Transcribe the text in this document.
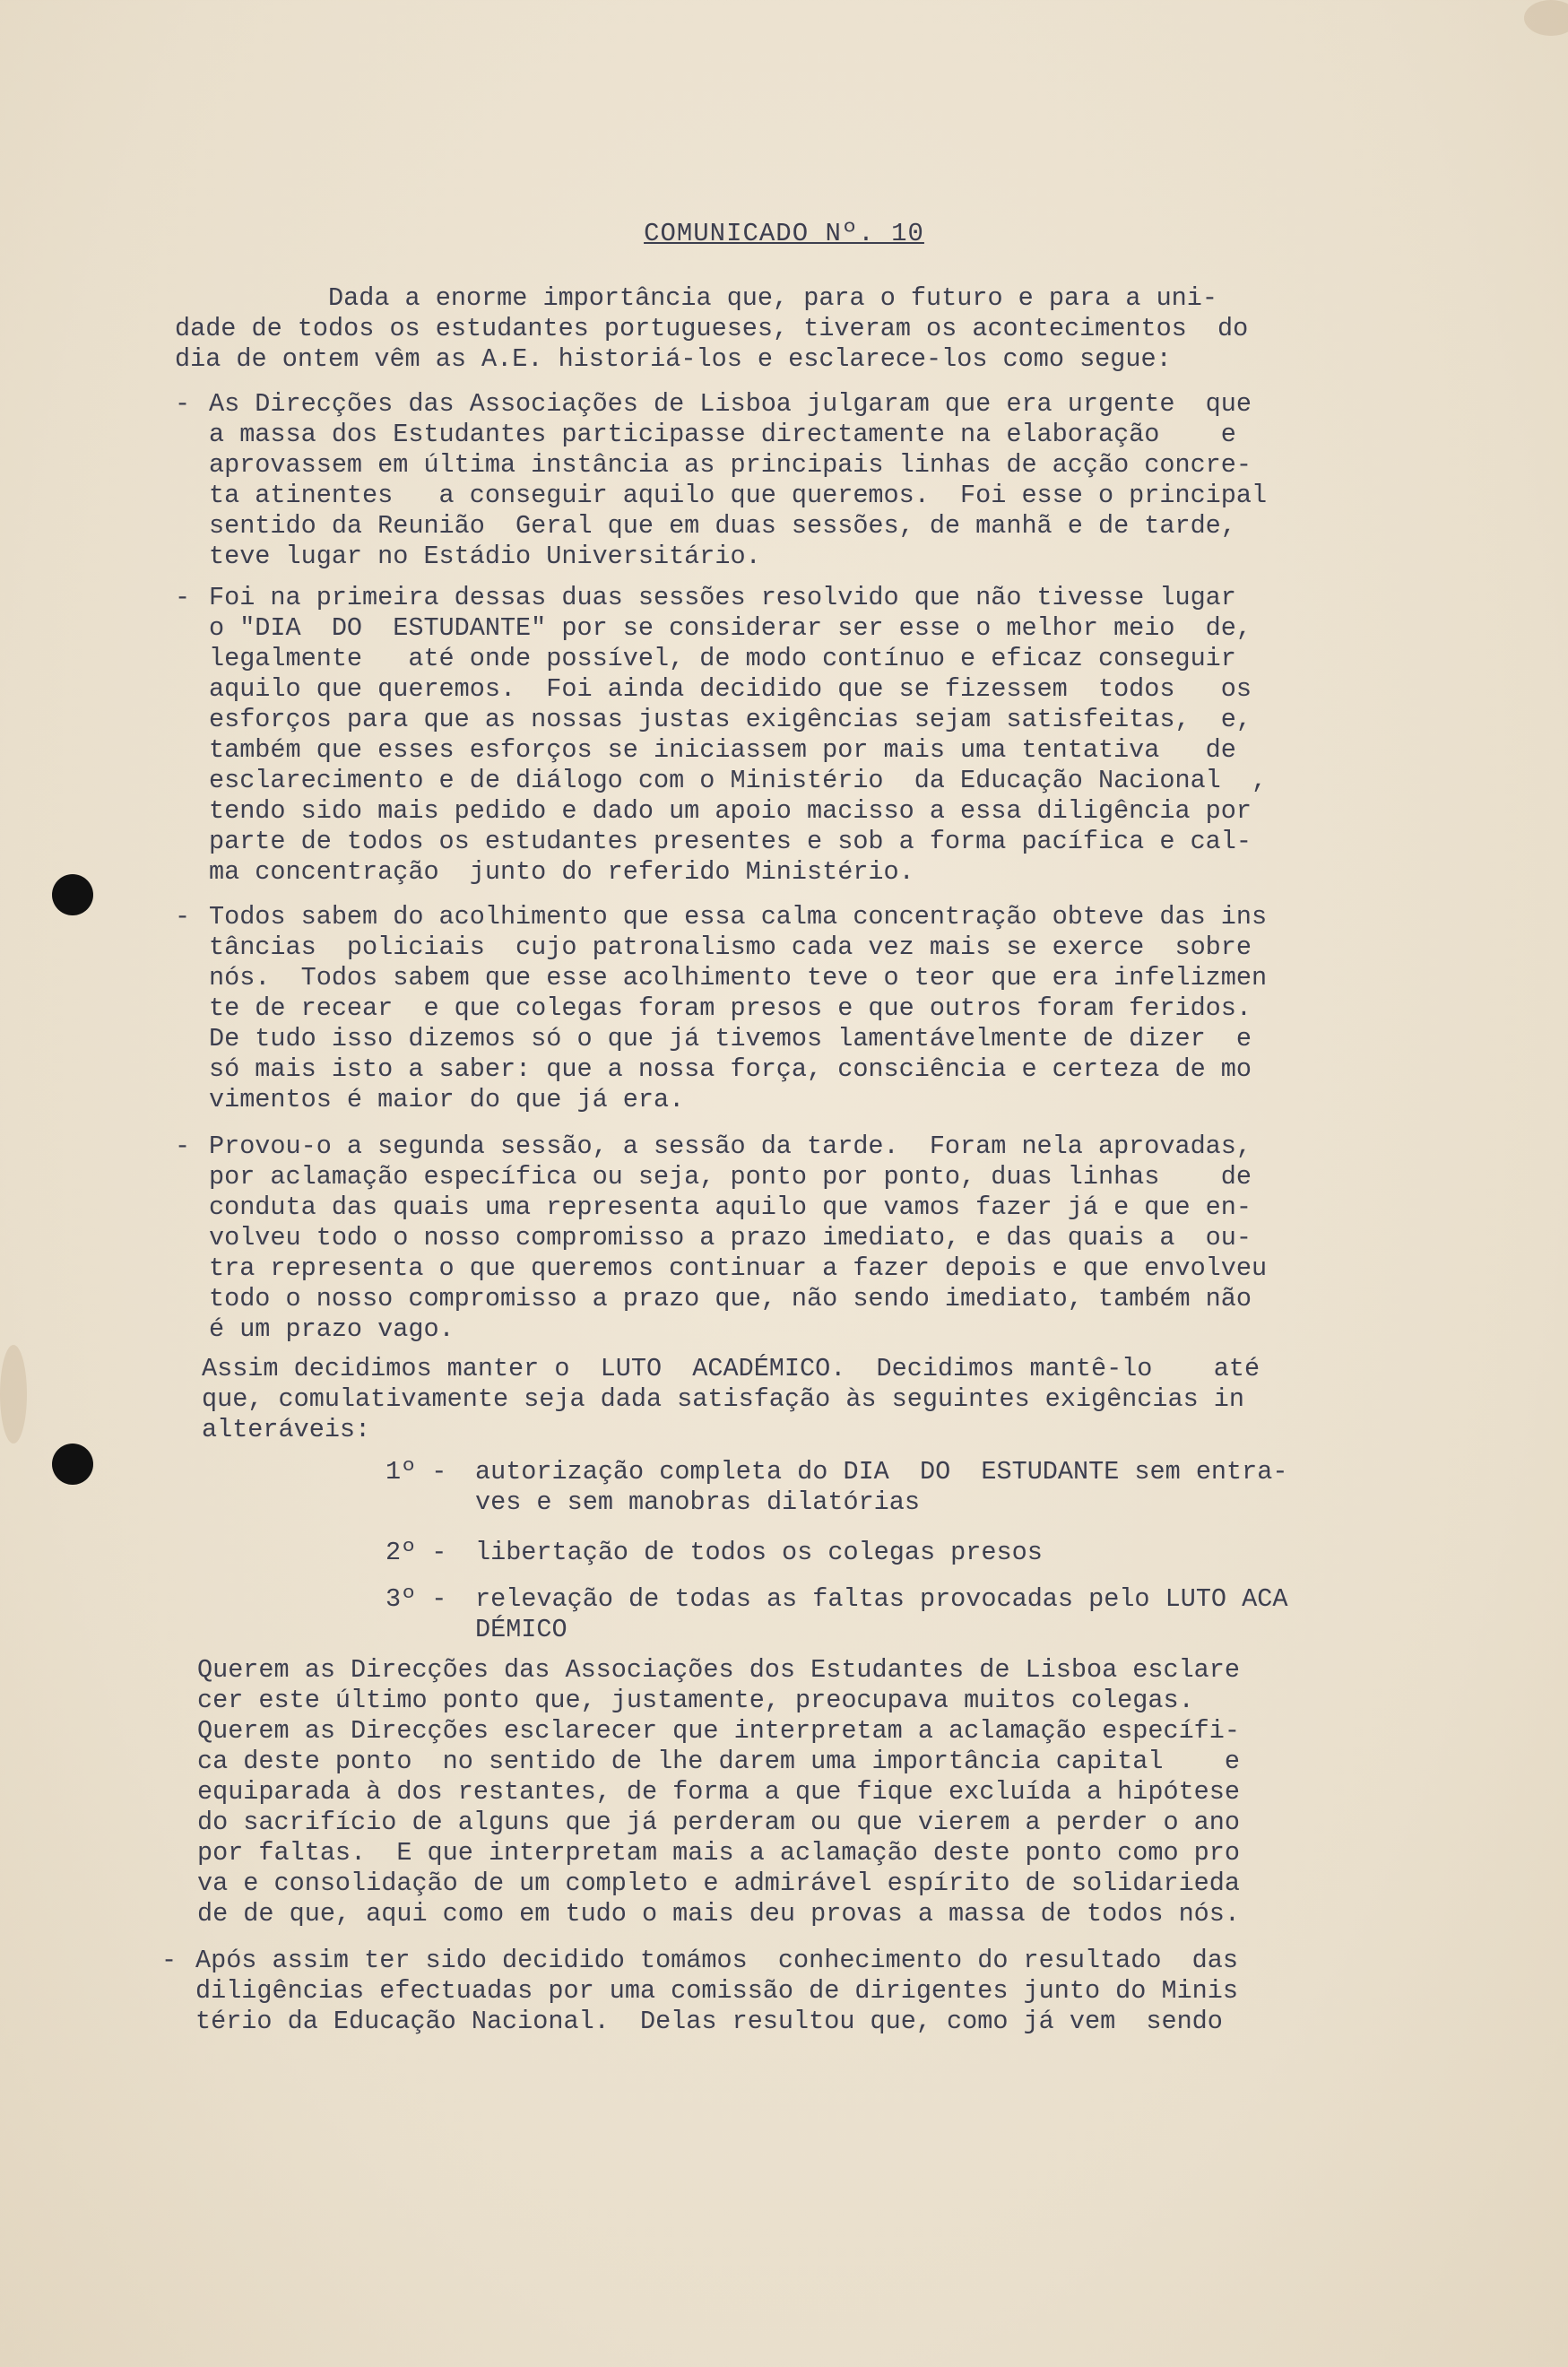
COMUNICADO Nº. 10
Dada a enorme importância que, para o futuro e para a uni-
dade de todos os estudantes portugueses, tiveram os acontecimentos  do
dia de ontem vêm as A.E. historiá-los e esclarece-los como segue:
- As Direcções das Associações de Lisboa julgaram que era urgente  que
a massa dos Estudantes participasse directamente na elaboração    e
aprovassem em última instância as principais linhas de acção concre-
ta atinentes   a conseguir aquilo que queremos.  Foi esse o principal
sentido da Reunião  Geral que em duas sessões, de manhã e de tarde,
teve lugar no Estádio Universitário.
- Foi na primeira dessas duas sessões resolvido que não tivesse lugar
o "DIA  DO  ESTUDANTE" por se considerar ser esse o melhor meio  de,
legalmente   até onde possível, de modo contínuo e eficaz conseguir
aquilo que queremos.  Foi ainda decidido que se fizessem  todos   os
esforços para que as nossas justas exigências sejam satisfeitas,  e,
também que esses esforços se iniciassem por mais uma tentativa   de
esclarecimento e de diálogo com o Ministério  da Educação Nacional  ,
tendo sido mais pedido e dado um apoio macisso a essa diligência por
parte de todos os estudantes presentes e sob a forma pacífica e cal-
ma concentração  junto do referido Ministério.
- Todos sabem do acolhimento que essa calma concentração obteve das ins
tâncias  policiais  cujo patronalismo cada vez mais se exerce  sobre
nós.  Todos sabem que esse acolhimento teve o teor que era infelizmen
te de recear  e que colegas foram presos e que outros foram feridos.
De tudo isso dizemos só o que já tivemos lamentávelmente de dizer  e
só mais isto a saber: que a nossa força, consciência e certeza de mo
vimentos é maior do que já era.
- Provou-o a segunda sessão, a sessão da tarde.  Foram nela aprovadas,
por aclamação específica ou seja, ponto por ponto, duas linhas    de
conduta das quais uma representa aquilo que vamos fazer já e que en-
volveu todo o nosso compromisso a prazo imediato, e das quais a  ou-
tra representa o que queremos continuar a fazer depois e que envolveu
todo o nosso compromisso a prazo que, não sendo imediato, também não
é um prazo vago.
Assim decidimos manter o  LUTO  ACADÉMICO.  Decidimos mantê-lo    até
que, comulativamente seja dada satisfação às seguintes exigências in
alteráveis:
1º - autorização completa do DIA  DO  ESTUDANTE sem entra-
ves e sem manobras dilatórias
2º - libertação de todos os colegas presos
3º - relevação de todas as faltas provocadas pelo LUTO ACA
DÉMICO
Querem as Direcções das Associações dos Estudantes de Lisboa esclare
cer este último ponto que, justamente, preocupava muitos colegas.
Querem as Direcções esclarecer que interpretam a aclamação específi-
ca deste ponto  no sentido de lhe darem uma importância capital    e
equiparada à dos restantes, de forma a que fique excluída a hipótese
do sacrifício de alguns que já perderam ou que vierem a perder o ano
por faltas.  E que interpretam mais a aclamação deste ponto como pro
va e consolidação de um completo e admirável espírito de solidarieda
de de que, aqui como em tudo o mais deu provas a massa de todos nós.
- Após assim ter sido decidido tomámos  conhecimento do resultado  das
diligências efectuadas por uma comissão de dirigentes junto do Minis
tério da Educação Nacional.  Delas resultou que, como já vem  sendo
